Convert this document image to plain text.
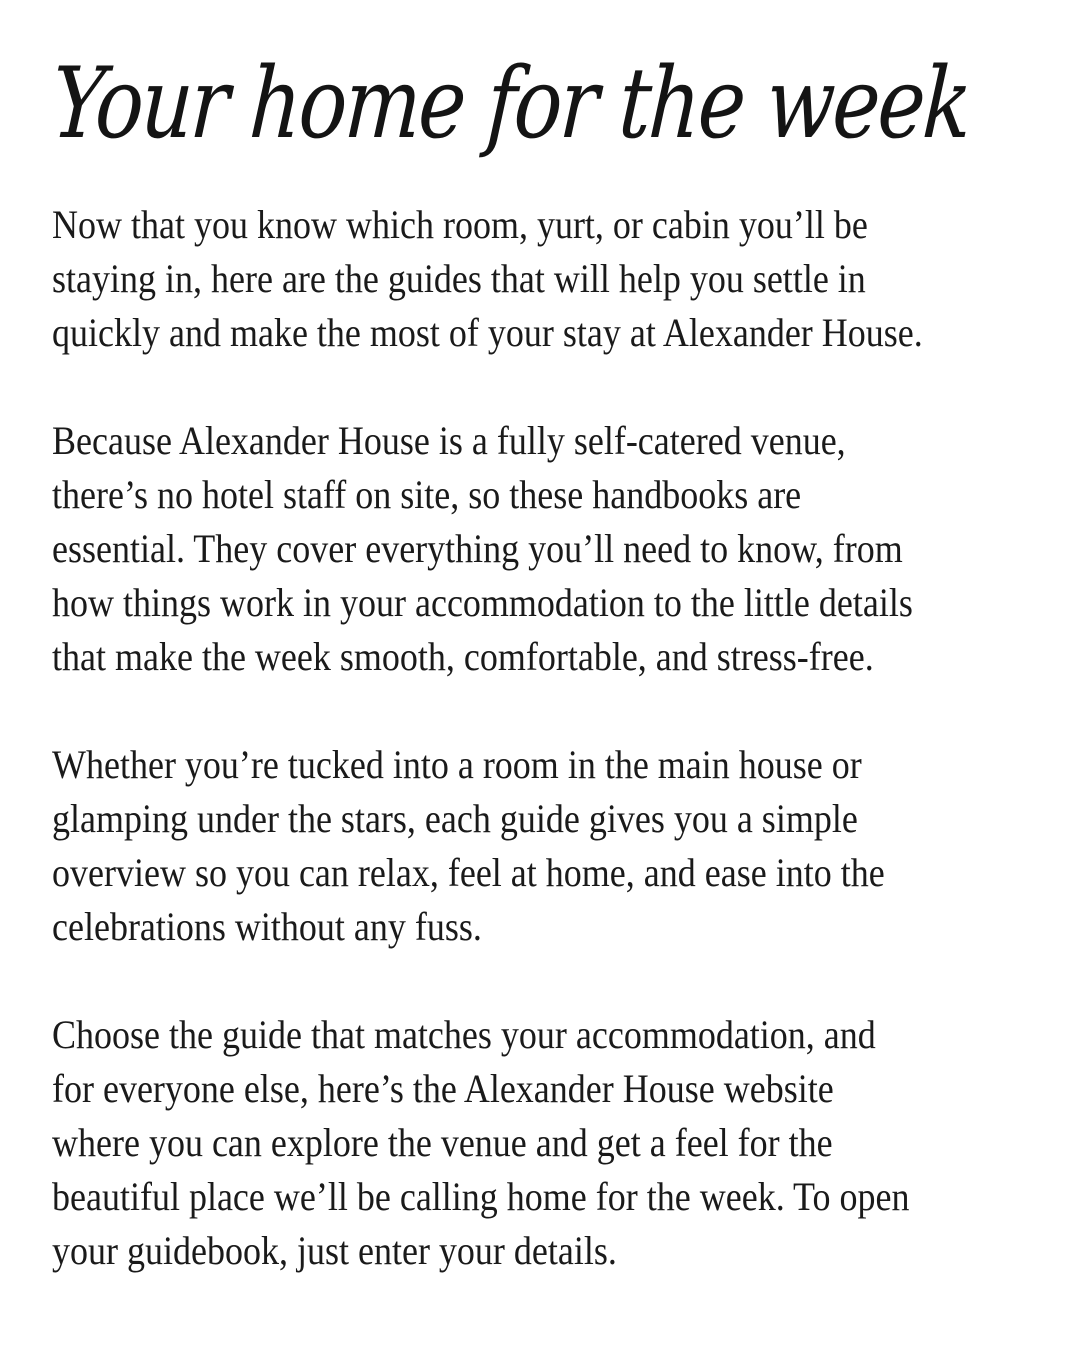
Your home for the week

Now that you know which room, yurt, or cabin you’ll be
staying in, here are the guides that will help you settle in
quickly and make the most of your stay at Alexander House.

Because Alexander House is a fully self-catered venue,
there’s no hotel staff on site, so these handbooks are
essential. They cover everything you’ll need to know, from
how things work in your accommodation to the little details
that make the week smooth, comfortable, and stress-free.

Whether you’re tucked into a room in the main house or
glamping under the stars, each guide gives you a simple
overview so you can relax, feel at home, and ease into the
celebrations without any fuss.

Choose the guide that matches your accommodation, and
for everyone else, here’s the Alexander House website
where you can explore the venue and get a feel for the
beautiful place we’ll be calling home for the week. To open
your guidebook, just enter your details.
